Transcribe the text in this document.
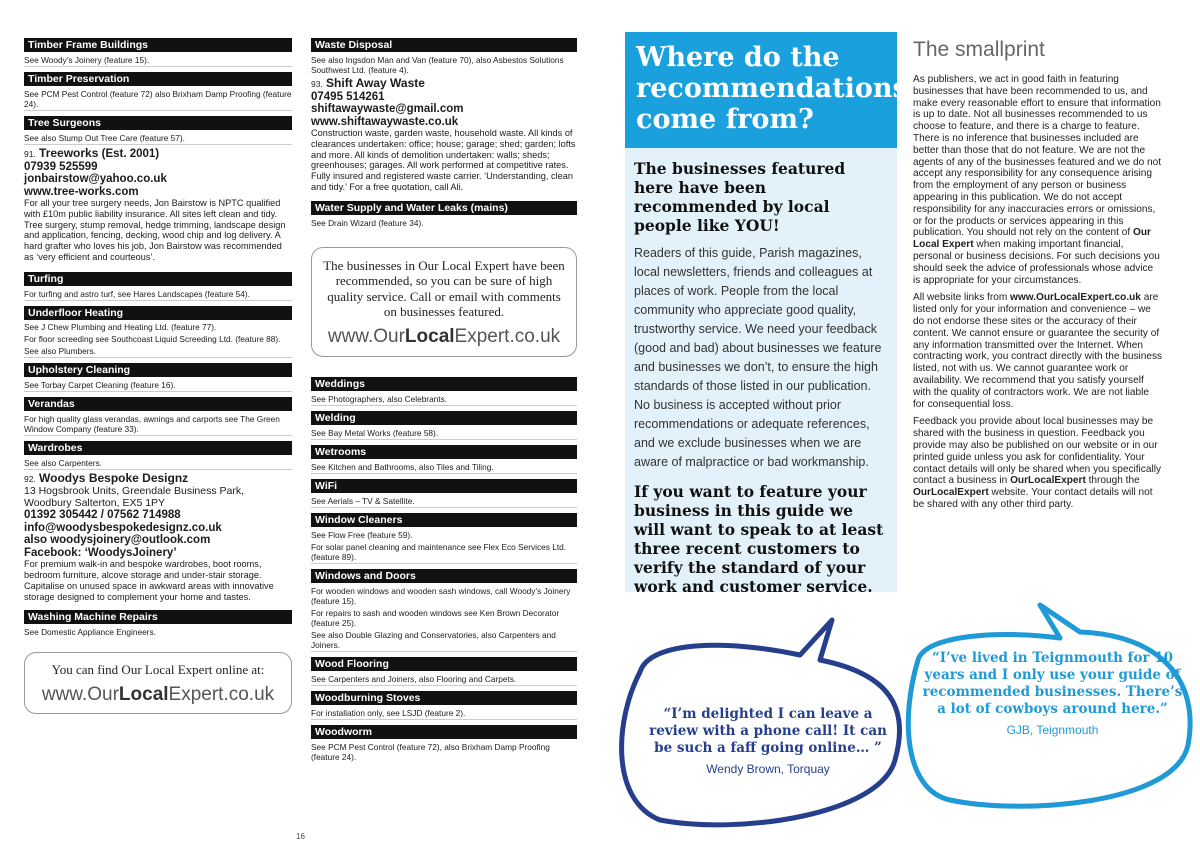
Timber Frame Buildings
See Woody’s Joinery (feature 15).
Timber Preservation
See PCM Pest Control (feature 72) also Brixham Damp Proofing (feature 24).
Tree Surgeons
See also Stump Out Tree Care (feature 57).
91. Treeworks (Est. 2001)
07939 525599
jonbairstow@yahoo.co.uk
www.tree-works.com
For all your tree surgery needs, Jon Bairstow is NPTC qualified with £10m public liability insurance. All sites left clean and tidy. Tree surgery, stump removal, hedge trimming, landscape design and application, fencing, decking, wood chip and log delivery. A hard grafter who loves his job, Jon Bairstow was recommended as ‘very efficient and courteous’.
Turfing
For turfing and astro turf, see Hares Landscapes (feature 54).
Underfloor Heating
See J Chew Plumbing and Heating Ltd. (feature 77).
For floor screeding see Southcoast Liquid Screeding Ltd. (feature 88).
See also Plumbers.
Upholstery Cleaning
See Torbay Carpet Cleaning (feature 16).
Verandas
For high quality glass verandas, awnings and carports see The Green Window Company (feature 33).
Wardrobes
See also Carpenters.
92. Woodys Bespoke Designz
13 Hogsbrook Units, Greendale Business Park,
Woodbury Salterton, EX5 1PY
01392 305442 / 07562 714988
info@woodysbespokedesignz.co.uk
also woodysjoinery@outlook.com
Facebook: ‘WoodysJoinery’
For premium walk-in and bespoke wardrobes, boot rooms, bedroom furniture, alcove storage and under-stair storage. Capitalise on unused space in awkward areas with innovative storage designed to complement your home and tastes.
Washing Machine Repairs
See Domestic Appliance Engineers.
You can find Our Local Expert online at:
www.OurLocalExpert.co.uk
Waste Disposal
See also Ingsdon Man and Van (feature 70), also Asbestos Solutions Southwest Ltd. (feature 4).
93. Shift Away Waste
07495 514261
shiftawaywaste@gmail.com
www.shiftawaywaste.co.uk
Construction waste, garden waste, household waste. All kinds of clearances undertaken: office; house; garage; shed; garden; lofts and more. All kinds of demolition undertaken: walls; sheds; greenhouses; garages. All work performed at competitive rates. Fully insured and registered waste carrier. ‘Understanding, clean and tidy.’ For a free quotation, call Ali.
Water Supply and Water Leaks (mains)
See Drain Wizard (feature 34).
The businesses in Our Local Expert have been recommended, so you can be sure of high quality service. Call or email with comments on businesses featured.
www.OurLocalExpert.co.uk
Weddings
See Photographers, also Celebrants.
Welding
See Bay Metal Works (feature 58).
Wetrooms
See Kitchen and Bathrooms, also Tiles and Tiling.
WiFi
See Aerials – TV & Satellite.
Window Cleaners
See Flow Free (feature 59).
For solar panel cleaning and maintenance see Flex Eco Services Ltd. (feature 89).
Windows and Doors
For wooden windows and wooden sash windows, call Woody’s Joinery (feature 15).
For repairs to sash and wooden windows see Ken Brown Decorator (feature 25).
See also Double Glazing and Conservatories, also Carpenters and Joiners.
Wood Flooring
See Carpenters and Joiners, also Flooring and Carpets.
Woodburning Stoves
For installation only, see LSJD (feature 2).
Woodworm
See PCM Pest Control (feature 72), also Brixham Damp Proofing (feature 24).
16
Where do the recommendations come from?
The businesses featured here have been recommended by local people like YOU!
Readers of this guide, Parish magazines, local newsletters, friends and colleagues at places of work. People from the local community who appreciate good quality, trustworthy service. We need your feedback (good and bad) about businesses we feature and businesses we don’t, to ensure the high standards of those listed in our publication. No business is accepted without prior recommendations or adequate references, and we exclude businesses when we are aware of malpractice or bad workmanship.
If you want to feature your business in this guide we will want to speak to at least three recent customers to verify the standard of your work and customer service.
The smallprint

As publishers, we act in good faith in featuring businesses that have been recommended to us, and make every reasonable effort to ensure that information is up to date. Not all businesses recommended to us choose to feature, and there is a charge to feature. There is no inference that businesses included are better than those that do not feature. We are not the agents of any of the businesses featured and we do not accept any responsibility for any consequence arising from the employment of any person or business appearing in this publication. We do not accept responsibility for any inaccuracies errors or omissions, or for the products or services appearing in this publication. You should not rely on the content of Our Local Expert when making important financial, personal or business decisions. For such decisions you should seek the advice of professionals whose advice is appropriate for your circumstances.

All website links from www.OurLocalExpert.co.uk are listed only for your information and convenience – we do not endorse these sites or the accuracy of their content. We cannot ensure or guarantee the security of any information transmitted over the Internet. When contracting work, you contract directly with the business listed, not with us. We cannot guarantee work or availability. We recommend that you satisfy yourself with the quality of contractors work. We are not liable for consequential loss.

Feedback you provide about local businesses may be shared with the business in question. Feedback you provide may also be published on our website or in our printed guide unless you ask for confidentiality. Your contact details will only be shared when you specifically contact a business in OurLocalExpert through the OurLocalExpert website. Your contact details will not be shared with any other third party.

“I’m delighted I can leave a review with a phone call! It can be such a faff going online… ”
Wendy Brown, Torquay
“I’ve lived in Teignmouth for 10 years and I only use your guide of recommended businesses. There’s a lot of cowboys around here.”
GJB, Teignmouth
